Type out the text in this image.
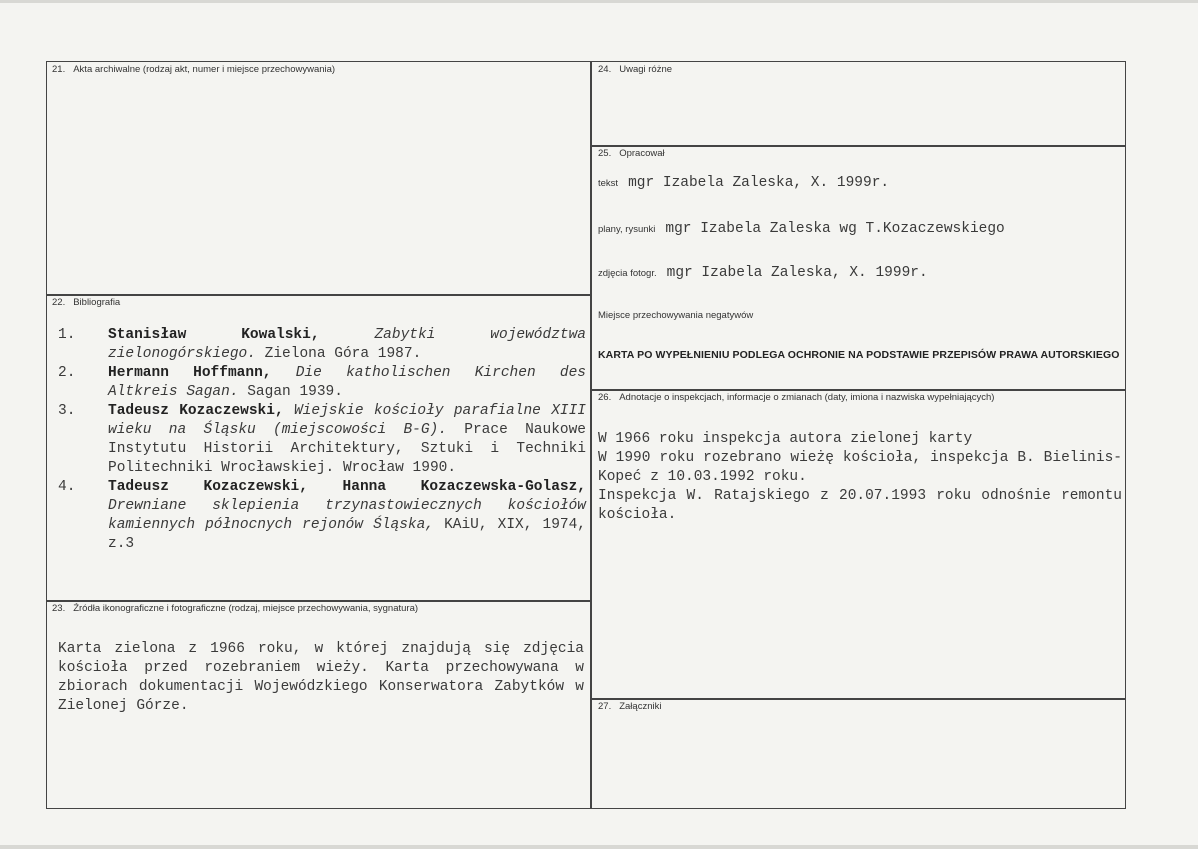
21. Akta archiwalne (rodzaj akt, numer i miejsce przechowywania)
22. Bibliografia
1. Stanisław Kowalski,	Zabytki województwa zielonogórskiego. Zielona Góra 1987.
2. Hermann Hoffmann, Die katholischen Kirchen des Altkreis Sagan. Sagan 1939.
3. Tadeusz Kozaczewski, Wiejskie kościoły parafialne XIII wieku na Śląsku (miejscowości B-G). Prace Naukowe Instytutu Historii Architektury, Sztuki i Techniki Politechniki Wrocławskiej. Wrocław 1990.
4. Tadeusz Kozaczewski, Hanna Kozaczewska-Golasz, Drewniane sklepienia trzynastowiecznych kościołów kamiennych północnych rejonów Śląska, KAiU, XIX, 1974, z.3
23. Źródła ikonograficzne i fotograficzne (rodzaj, miejsce przechowywania, sygnatura)
Karta zielona z 1966 roku, w której znajdują się zdjęcia kościoła przed rozebraniem wieży. Karta przechowywana w zbiorach dokumentacji Wojewódzkiego Konserwatora Zabytków w Zielonej Górze.
24. Uwagi różne
25. Opracował
tekst mgr Izabela Zaleska, X. 1999r.
plany, rysunki mgr Izabela Zaleska wg T.Kozaczewskiego
zdjęcia fotogr. mgr Izabela Zaleska, X. 1999r.
Miejsce przechowywania negatywów
KARTA PO WYPEŁNIENIU PODLEGA OCHRONIE NA PODSTAWIE PRZEPISÓW PRAWA AUTORSKIEGO
26. Adnotacje o inspekcjach, informacje o zmianach (daty, imiona i nazwiska wypełniających)
W 1966 roku inspekcja autora zielonej karty
W 1990 roku rozebrano wieżę kościoła, inspekcja B. Bielinis-Kopeć z 10.03.1992 roku.
Inspekcja W. Ratajskiego z 20.07.1993 roku odnośnie remontu kościoła.
27. Załączniki
